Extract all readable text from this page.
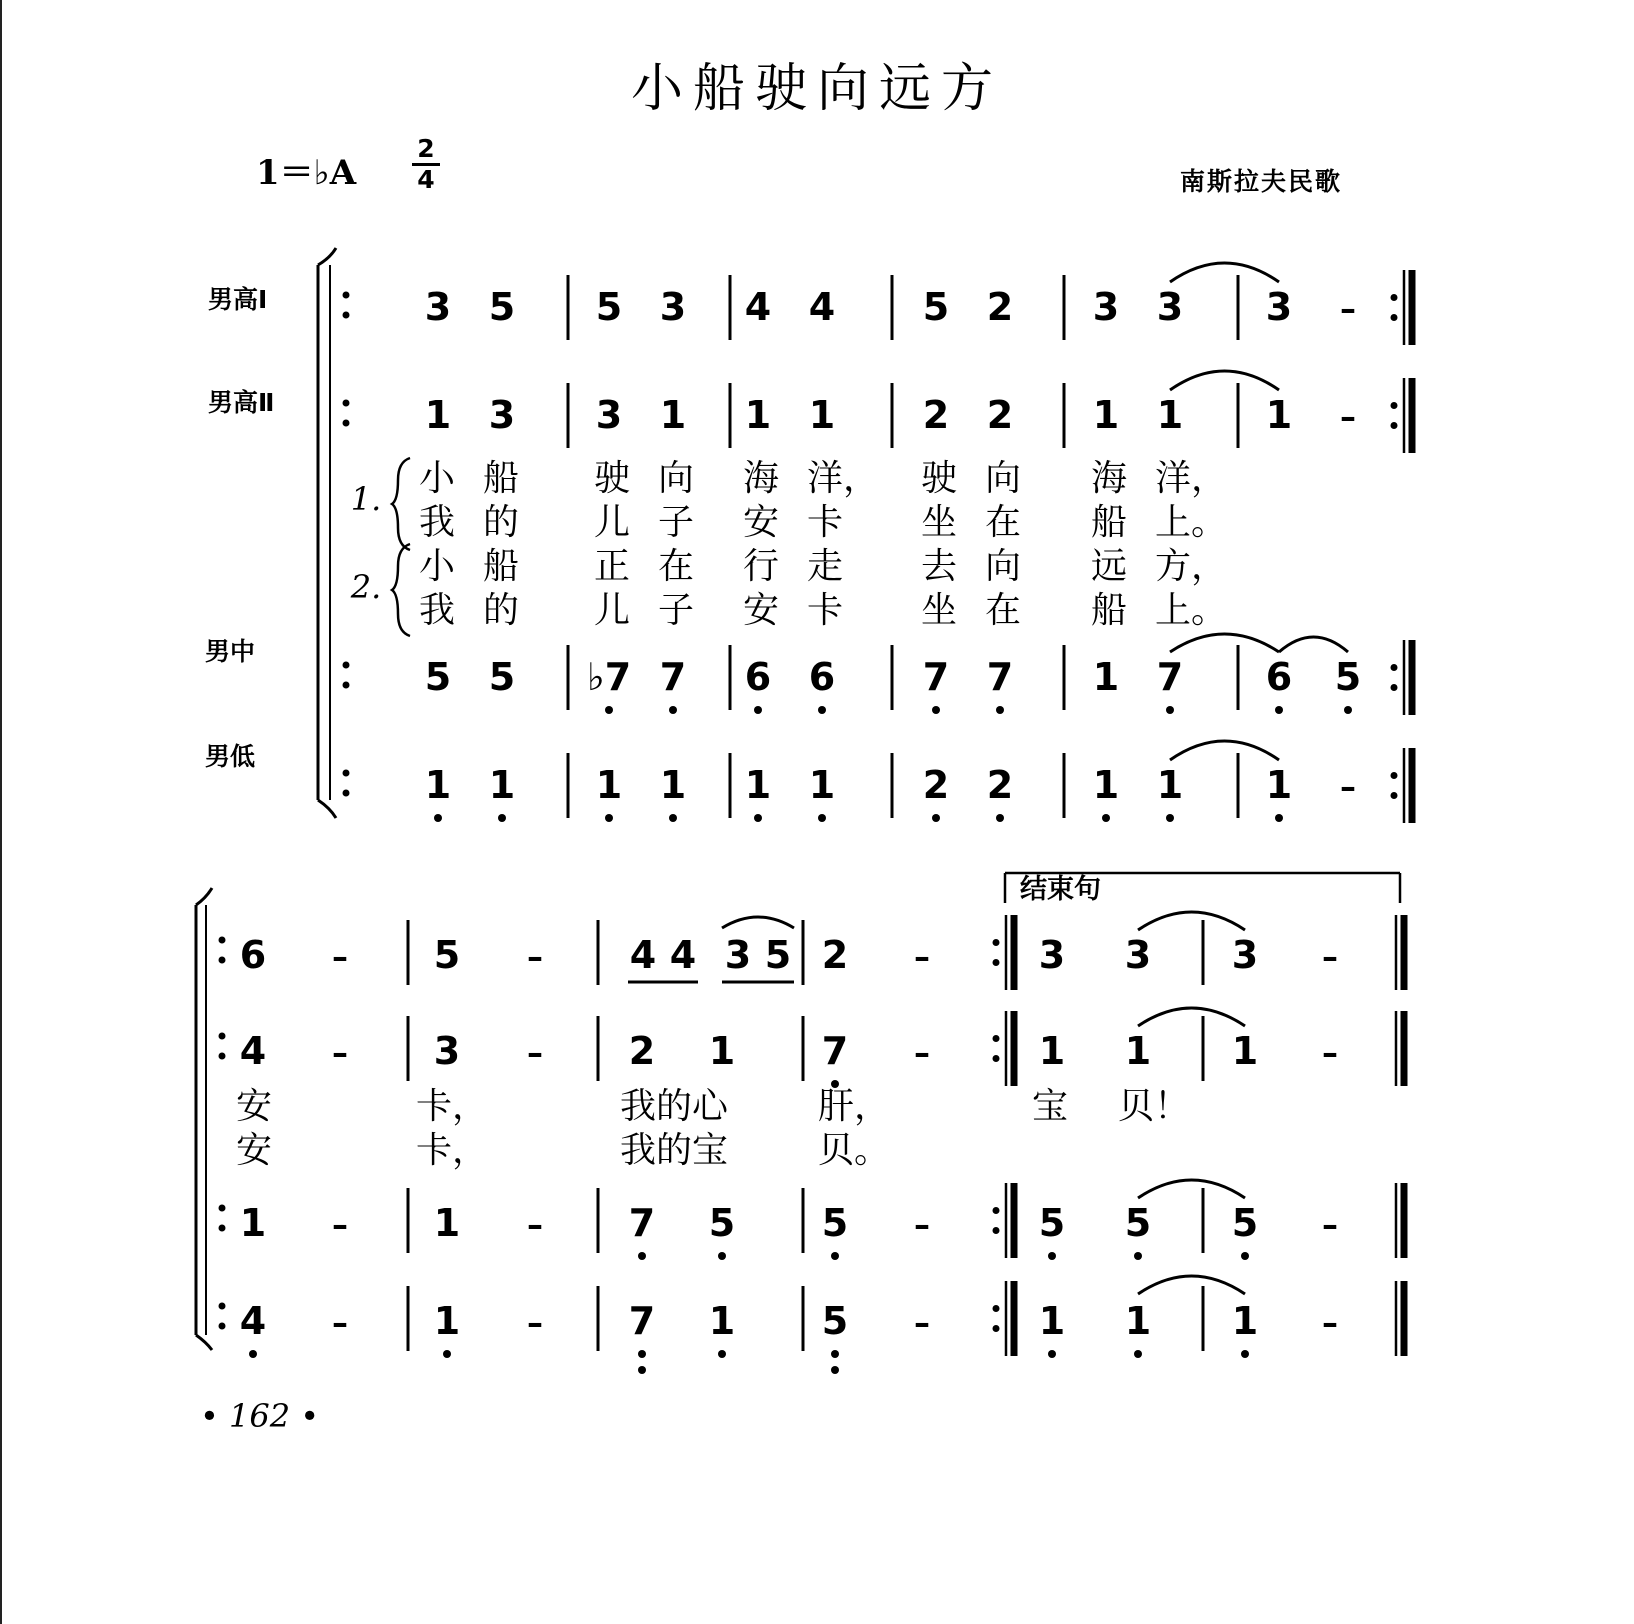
小船驶向远方
1＝♭A
2
4	南斯拉夫民歌
男高Ⅰ
男高Ⅱ
男中
男低
3 5 5 3 4 4 5 2 3 3 3 –
1 3 3 1 1 1 2 2 1 1 1 –
5 5 ♭7 7 6 6 7 7 1 7 6 5
1 1 1 1 1 1 2 2 1 1 1 –
1.
2.
小 船 驶 向 海 洋， 驶 向 海 洋，
我 的 儿 子 安 卡 坐 在 船 上。
小 船 正 在 行 走 去 向 远 方，
我 的 儿 子 安 卡 坐 在 船 上。
结束句
6 – 5 – 4 4 3 5 2 –	3 3 3 –
4 – 3 – 2 1 7 –	1 1 1 –
1 – 1 – 7 5 5 –	5 5 5 –
4 – 1 – 7 1 5 –	1 1 1 –
安	卡，	我的心 肝，	宝 贝！
安	卡，	我的宝 贝。
• 162 •
